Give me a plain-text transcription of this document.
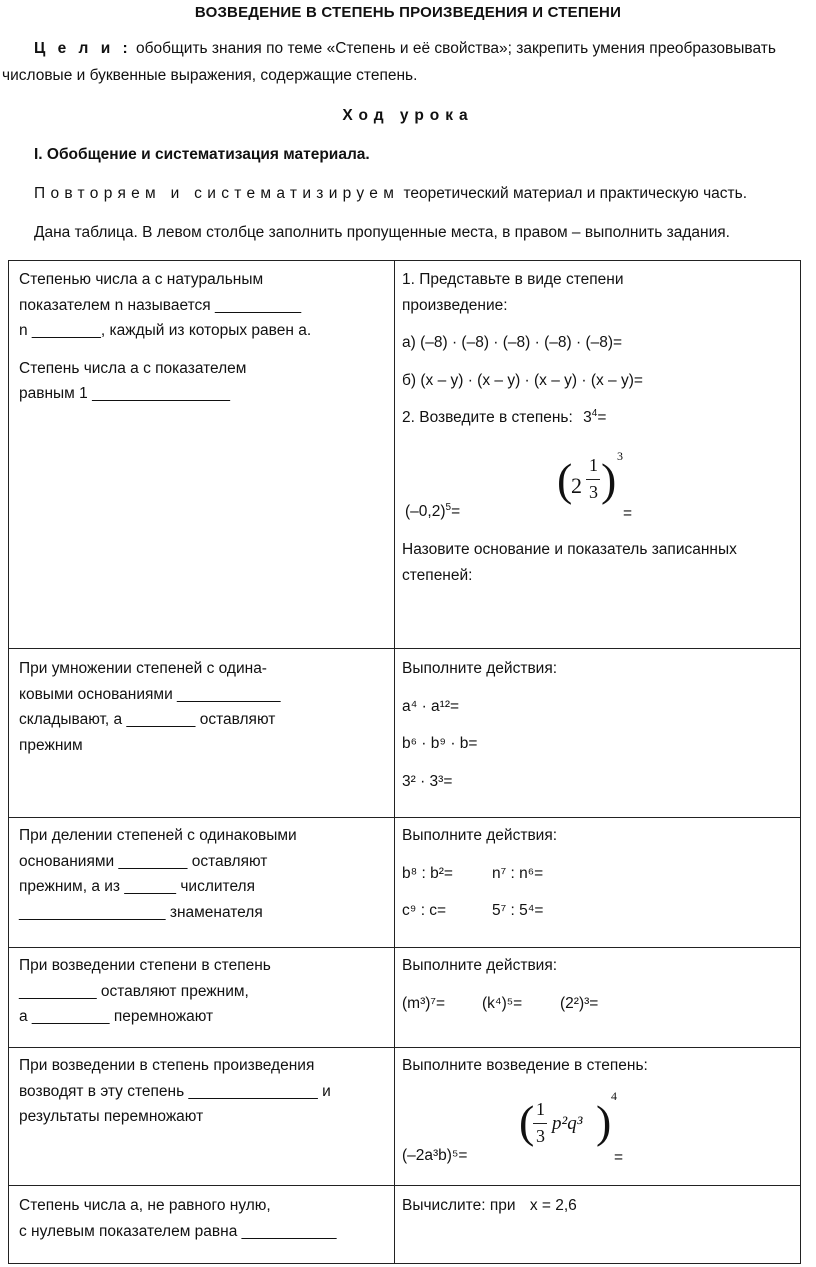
ВОЗВЕДЕНИЕ В СТЕПЕНЬ ПРОИЗВЕДЕНИЯ И СТЕПЕНИ
Ц е л и : обобщить знания по теме «Степень и её свойства»; закрепить умения преобразовывать
числовые и буквенные выражения, содержащие степень.
Ход урока
I. Обобщение и систематизация материала.
Повторяем и систематизируем теоретический материал и практическую часть.
Дана таблица. В левом столбце заполнить пропущенные места, в правом – выполнить задания.
Степенью числа a с натуральным
показателем n называется __________
n ________, каждый из которых равен a.
Степень числа a с показателем
равным 1 ________________
1. Представьте в виде степени
произведение:
а) (–8) · (–8) · (–8) · (–8) · (–8)=
б) (x – y) · (x – y) · (x – y) · (x – y)=
2. Возведите в степень: $3^4=$
$(-0,2)^5=$
(
2
1
3 ) 3
=
Назовите основание и показатель записанных
степеней:
При умножении степеней с одина-
ковыми основаниями ____________
складывают, а ________ оставляют
прежним
Выполните действия:
a⁴ · a¹²=
b⁶ · b⁹ · b=
3² · 3³=
При делении степеней с одинаковыми
основаниями ________ оставляют
прежним, а из ______ числителя
_________________ знаменателя
Выполните действия:
b⁸ : b²=	n⁷ : n⁶=
c⁹ : c=	5⁷ : 5⁴=
При возведении степени в степень
_________ оставляют прежним,
а _________ перемножают
Выполните действия:
(m³)⁷= (k⁴)⁵= (2²)³=
При возведении в степень произведения
возводят в эту степень _______________ и
результаты перемножают
Выполните возведение в степень:
(–2a³b)⁵=
( 1
3
p²q³ ) 4
=
Степень числа a, не равного нулю,
с нулевым показателем равна ___________
Вычислите: при x = 2,6
